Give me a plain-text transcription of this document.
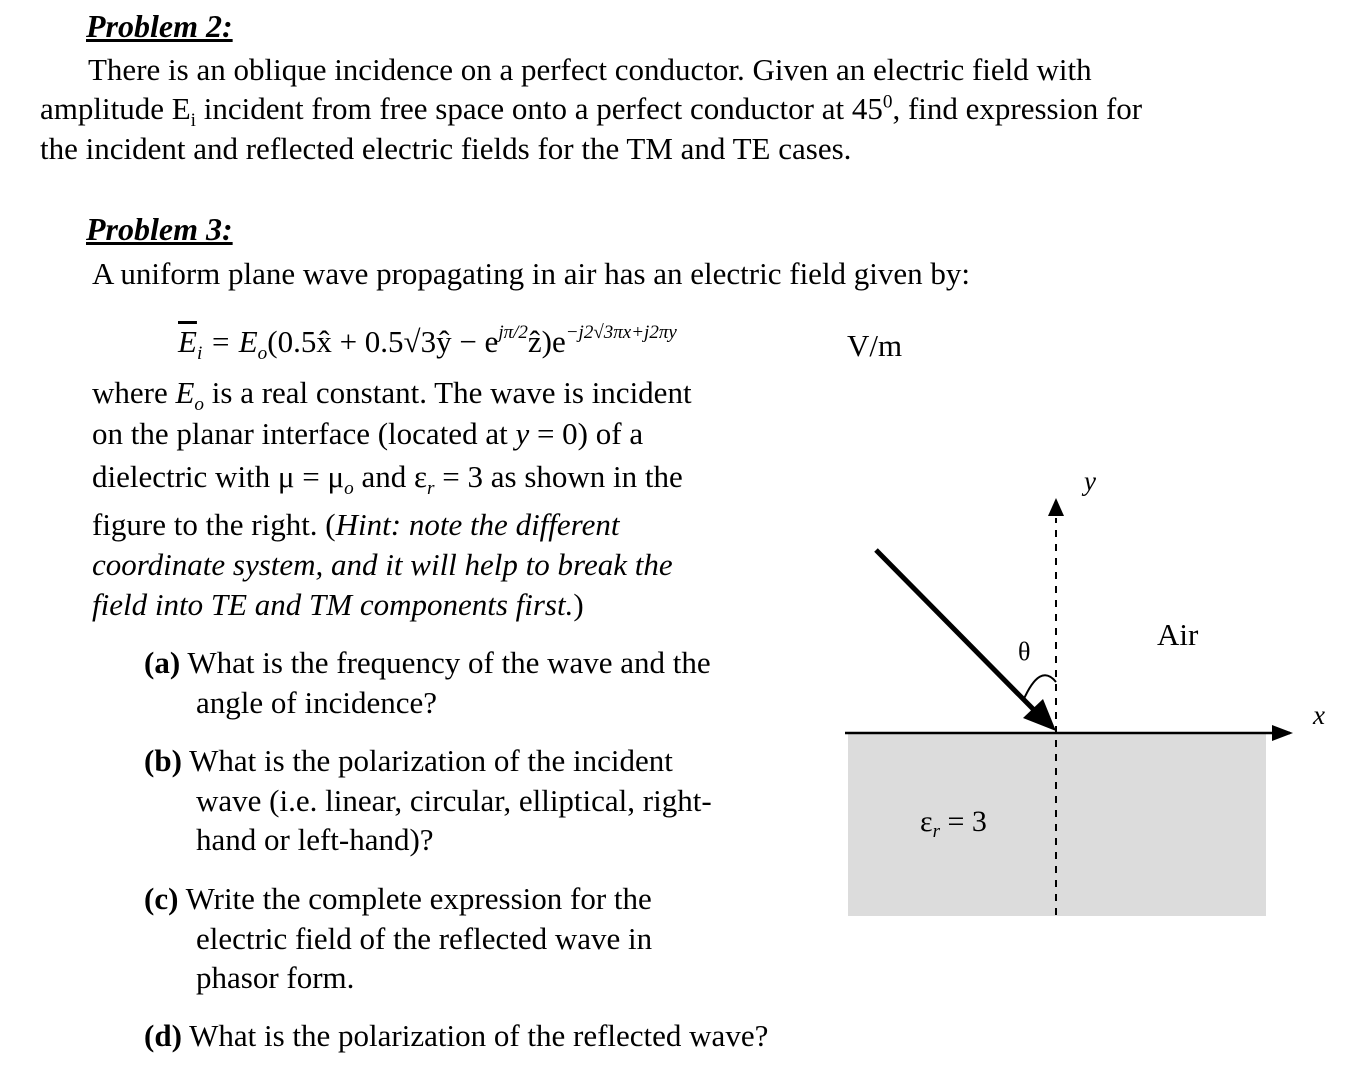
Problem 2:
There is an oblique incidence on a perfect conductor. Given an electric field with
amplitude $E_i$ incident from free space onto a perfect conductor at $45^0$, find expression for
the incident and reflected electric fields for the TM and TE cases.
Problem 3:
A uniform plane wave propagating in air has an electric field given by:
$\overline{E}_i$ = $E_o(0.5x̂$ + 0.5√3ŷ − $e^{j\pi/2}ẑ)e^{-j2√3\pi x+j2\pi y}$	V/m
where $E_o$ is a real constant. The wave is incident
on the planar interface (located at y = 0) of a
dielectric with $\mu = \mu_o$ and $\varepsilon_r = 3$ as shown in the
figure to the right. (Hint: note the different
coordinate system, and it will help to break the
field into TE and TM components first.)
(a) What is the frequency of the wave and the
angle of incidence?
(b) What is the polarization of the incident
wave (i.e. linear, circular, elliptical, right-
hand or left-hand)?
(c) Write the complete expression for the
electric field of the reflected wave in
phasor form.
(d) What is the polarization of the reflected wave?
y
x
θ	Air
$\varepsilon_r = 3$
